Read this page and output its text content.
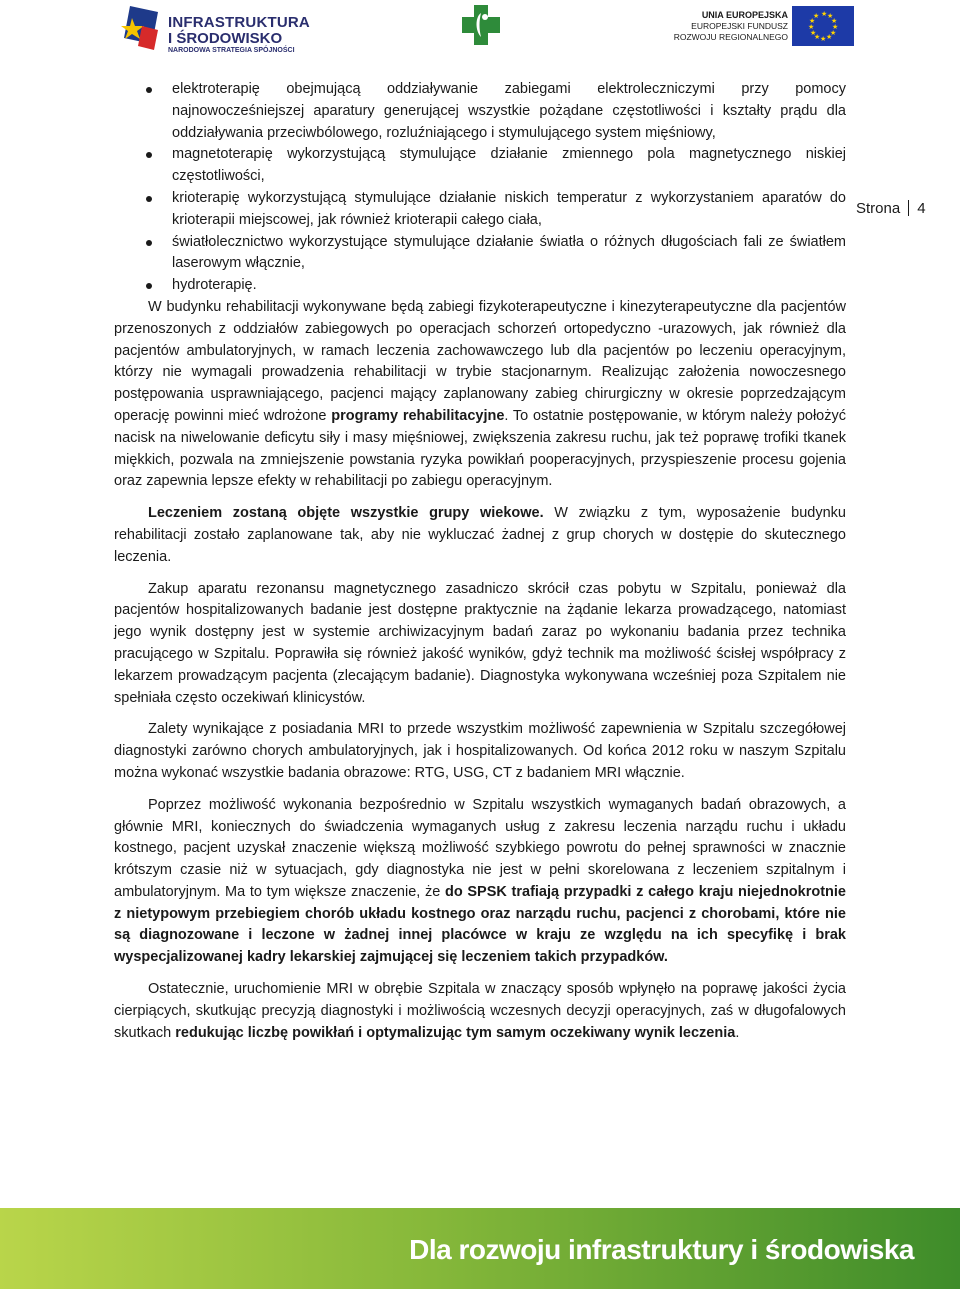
INFRASTRUKTURA
I ŚRODOWISKO
NARODOWA STRATEGIA SPÓJNOŚCI
UNIA EUROPEJSKA
EUROPEJSKI FUNDUSZ
ROZWOJU REGIONALNEGO
★ ★
★
★
★
★
★
★
★
★
★
★
Strona 4
elektroterapię obejmującą oddziaływanie zabiegami elektroleczniczymi przy pomocy najnowocześniejszej aparatury generującej wszystkie pożądane częstotliwości i kształty prądu dla oddziaływania przeciwbólowego, rozluźniającego i stymulującego system mięśniowy,
magnetoterapię wykorzystującą stymulujące działanie zmiennego pola magnetycznego niskiej częstotliwości,
krioterapię wykorzystującą stymulujące działanie niskich temperatur z wykorzystaniem aparatów do krioterapii miejscowej, jak również krioterapii całego ciała,
światłolecznictwo wykorzystujące stymulujące działanie światła o różnych długościach fali ze światłem laserowym włącznie,
hydroterapię.

W budynku rehabilitacji wykonywane będą zabiegi fizykoterapeutyczne i kinezyterapeutyczne dla pacjentów przenoszonych z oddziałów zabiegowych po operacjach schorzeń ortopedyczno -urazowych, jak również dla pacjentów ambulatoryjnych, w ramach leczenia zachowawczego lub dla pacjentów po leczeniu operacyjnym, którzy nie wymagali prowadzenia rehabilitacji w trybie stacjonarnym. Realizując założenia nowoczesnego postępowania usprawniającego, pacjenci mający zaplanowany zabieg chirurgiczny w okresie poprzedzającym operację powinni mieć wdrożone programy rehabilitacyjne. To ostatnie postępowanie, w którym należy położyć nacisk na niwelowanie deficytu siły i masy mięśniowej, zwiększenia zakresu ruchu, jak też poprawę trofiki tkanek miękkich, pozwala na zmniejszenie powstania ryzyka powikłań pooperacyjnych, przyspieszenie procesu gojenia oraz zapewnia lepsze efekty w rehabilitacji po zabiegu operacyjnym.

Leczeniem zostaną objęte wszystkie grupy wiekowe. W związku z tym, wyposażenie budynku rehabilitacji zostało zaplanowane tak, aby nie wykluczać żadnej z grup chorych w dostępie do skutecznego leczenia.

Zakup aparatu rezonansu magnetycznego zasadniczo skrócił czas pobytu w Szpitalu, ponieważ dla pacjentów hospitalizowanych badanie jest dostępne praktycznie na żądanie lekarza prowadzącego, natomiast jego wynik dostępny jest w systemie archiwizacyjnym badań zaraz po wykonaniu badania przez technika pracującego w Szpitalu. Poprawiła się również jakość wyników, gdyż technik ma możliwość ścisłej współpracy z lekarzem prowadzącym pacjenta (zlecającym badanie). Diagnostyka wykonywana wcześniej poza Szpitalem nie spełniała często oczekiwań klinicystów.

Zalety wynikające z posiadania MRI to przede wszystkim możliwość zapewnienia w Szpitalu szczegółowej diagnostyki zarówno chorych ambulatoryjnych, jak i hospitalizowanych. Od końca 2012 roku w naszym Szpitalu można wykonać wszystkie badania obrazowe: RTG, USG, CT z badaniem MRI włącznie.

Poprzez możliwość wykonania bezpośrednio w Szpitalu wszystkich wymaganych badań obrazowych, a głównie MRI, koniecznych do świadczenia wymaganych usług z zakresu leczenia narządu ruchu i układu kostnego, pacjent uzyskał znaczenie większą możliwość szybkiego powrotu do pełnej sprawności w znacznie krótszym czasie niż w sytuacjach, gdy diagnostyka nie jest w pełni skorelowana z leczeniem szpitalnym i ambulatoryjnym. Ma to tym większe znaczenie, że do SPSK trafiają przypadki z całego kraju niejednokrotnie z nietypowym przebiegiem chorób układu kostnego oraz narządu ruchu, pacjenci z chorobami, które nie są diagnozowane i leczone w żadnej innej placówce w kraju ze względu na ich specyfikę i brak wyspecjalizowanej kadry lekarskiej zajmującej się leczeniem takich przypadków.

Ostatecznie, uruchomienie MRI w obrębie Szpitala w znaczący sposób wpłynęło na poprawę jakości życia cierpiących, skutkując precyzją diagnostyki i możliwością wczesnych decyzji operacyjnych, zaś w długofalowych skutkach redukując liczbę powikłań i optymalizując tym samym oczekiwany wynik leczenia.

Dla rozwoju infrastruktury i środowiska
